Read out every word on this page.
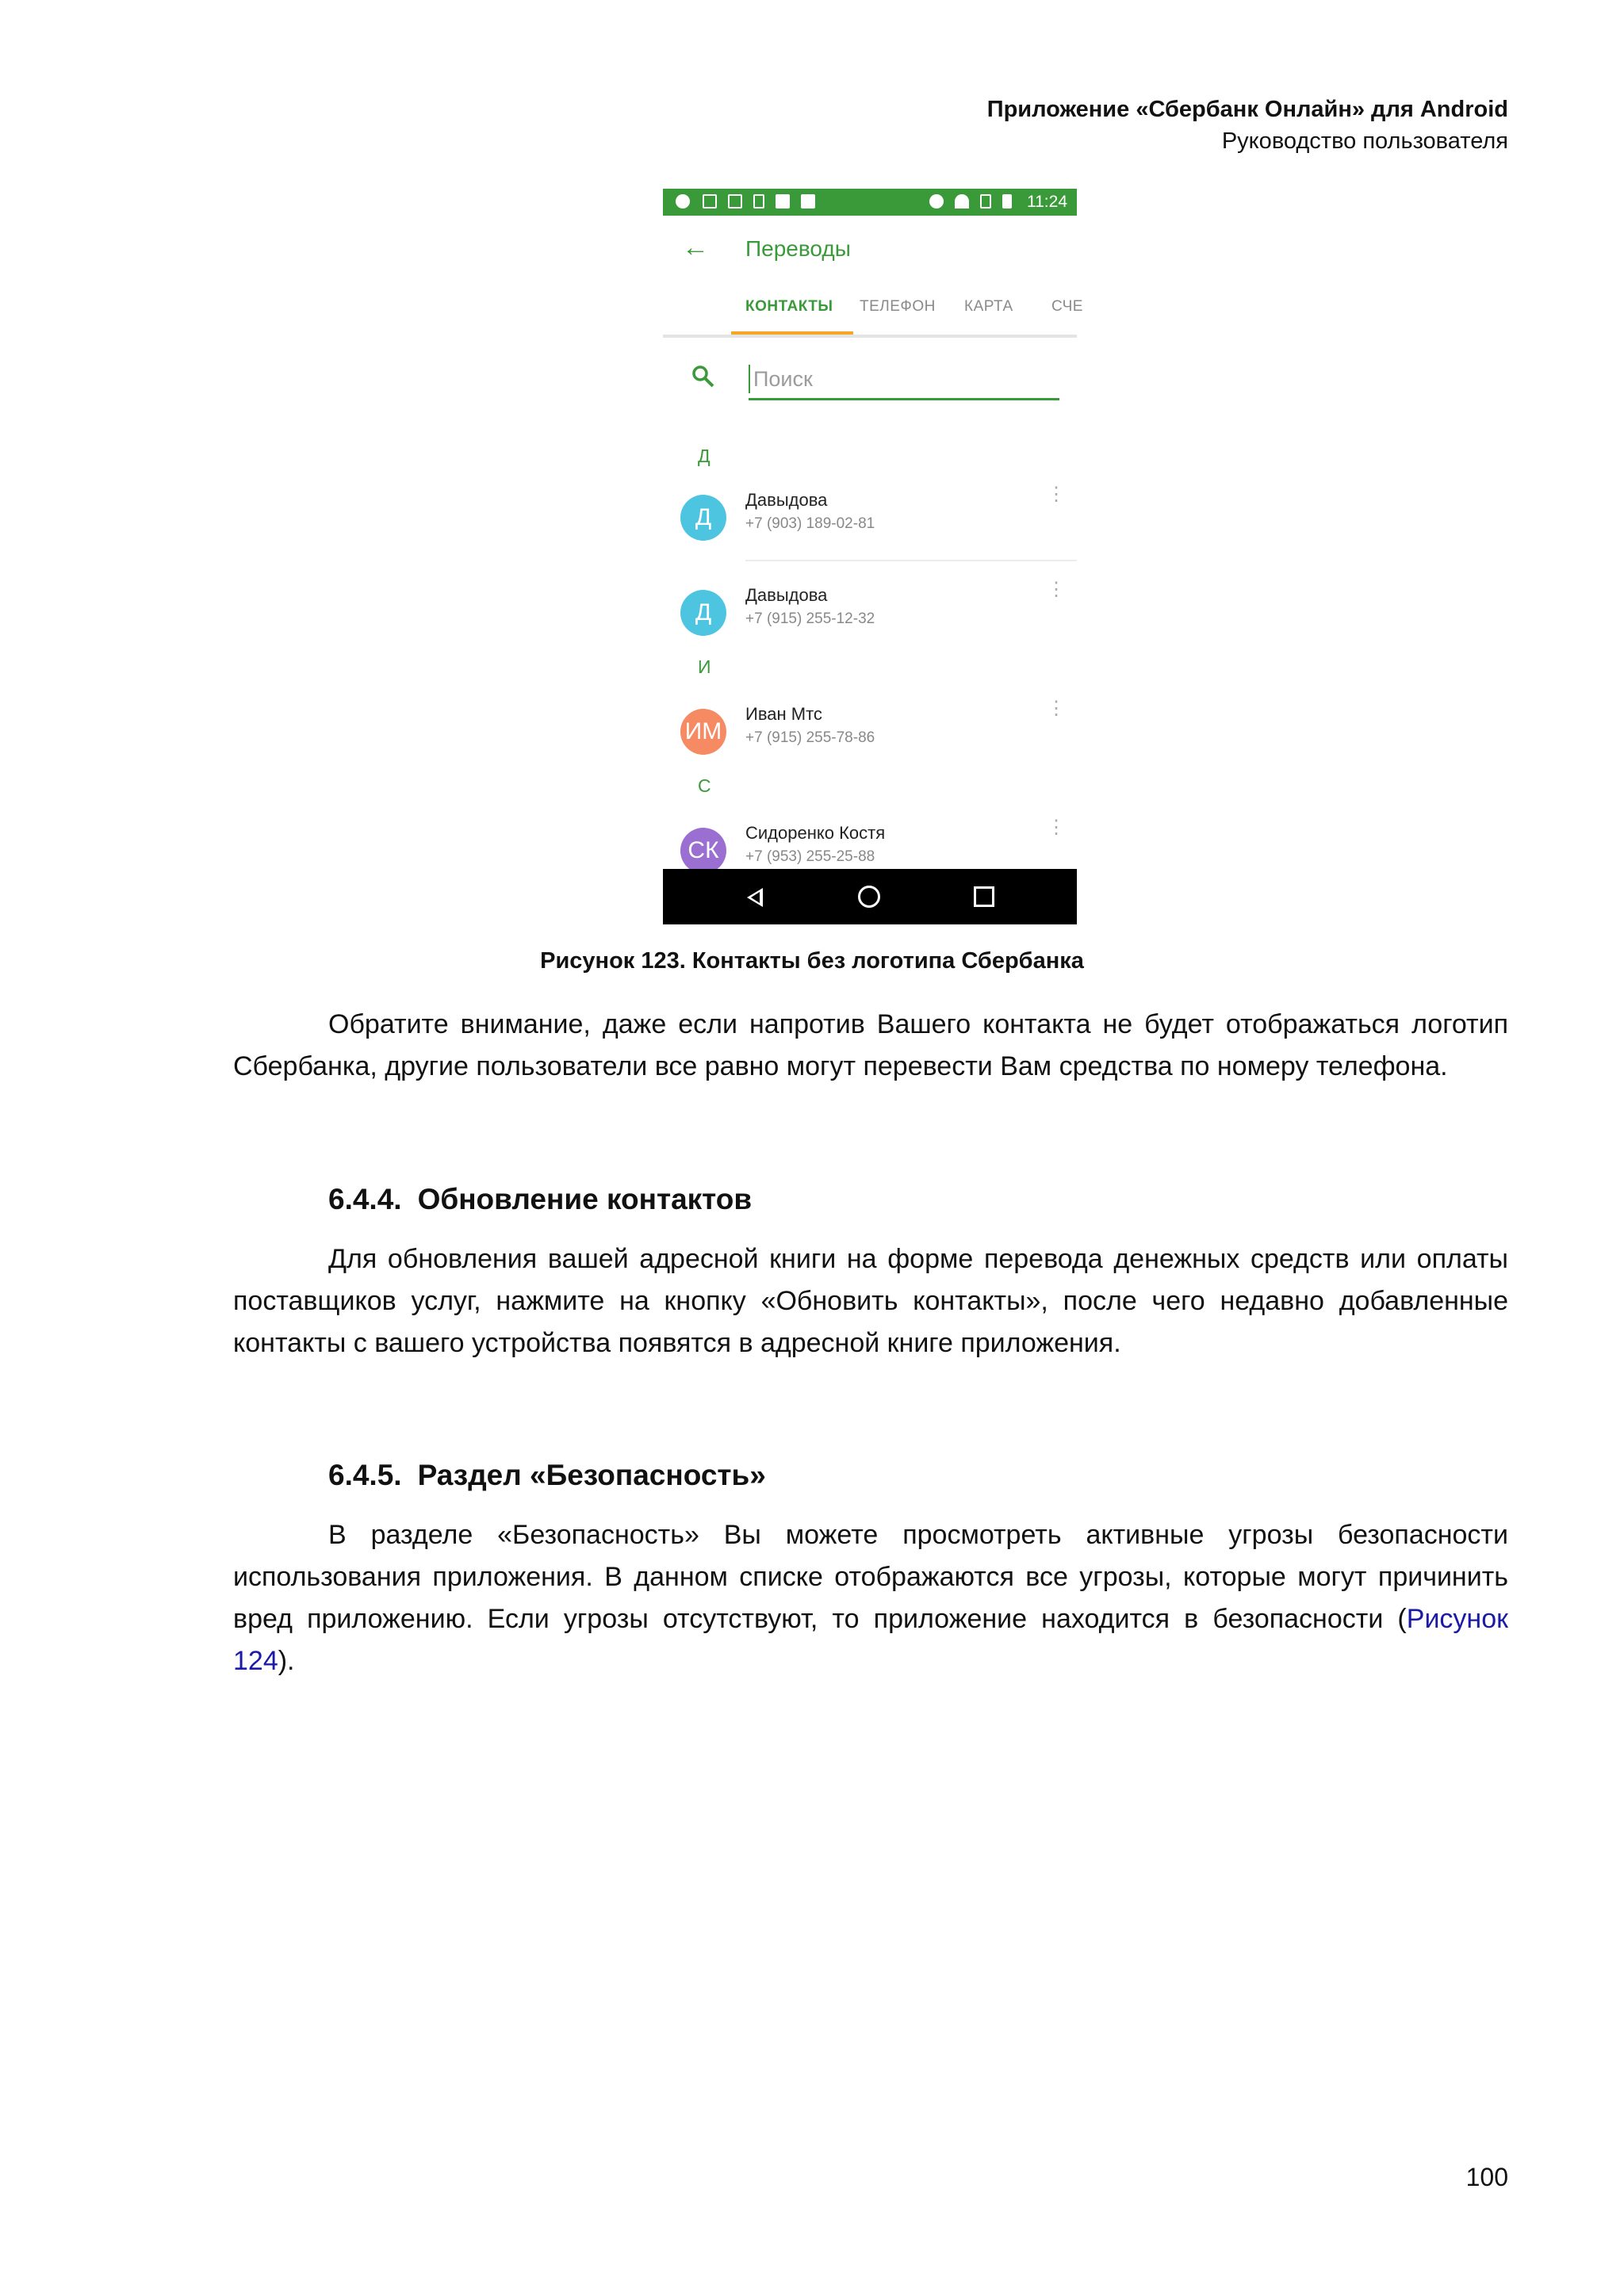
Приложение «Сбербанк Онлайн» для Android
Руководство пользователя
11:24
← Переводы
КОНТАКТЫ ТЕЛЕФОН КАРТА	СЧЕ
Поиск
Д
Д
Давыдова
+7 (903) 189-02-81
⋮
Д
Давыдова
+7 (915) 255-12-32
⋮
И
ИМ
Иван Мтс
+7 (915) 255-78-86
⋮
С
СК
Сидоренко Костя
+7 (953) 255-25-88
⋮
Рисунок 123. Контакты без логотипа Сбербанка

Обратите внимание, даже если напротив Вашего контакта не будет отображаться логотип Сбербанка, другие пользователи все равно могут перевести Вам средства по номеру телефона.

6.4.4. Обновление контактов

Для обновления вашей адресной книги на форме перевода денежных средств или оплаты поставщиков услуг, нажмите на кнопку «Обновить контакты», после чего недавно добавленные контакты с вашего устройства появятся в адресной книге приложения.

6.4.5. Раздел «Безопасность»

В разделе «Безопасность» Вы можете просмотреть активные угрозы безопасности использования приложения. В данном списке отображаются все угрозы, которые могут причинить вред приложению. Если угрозы отсутствуют, то приложение находится в безопасности (Рисунок 124).

100
